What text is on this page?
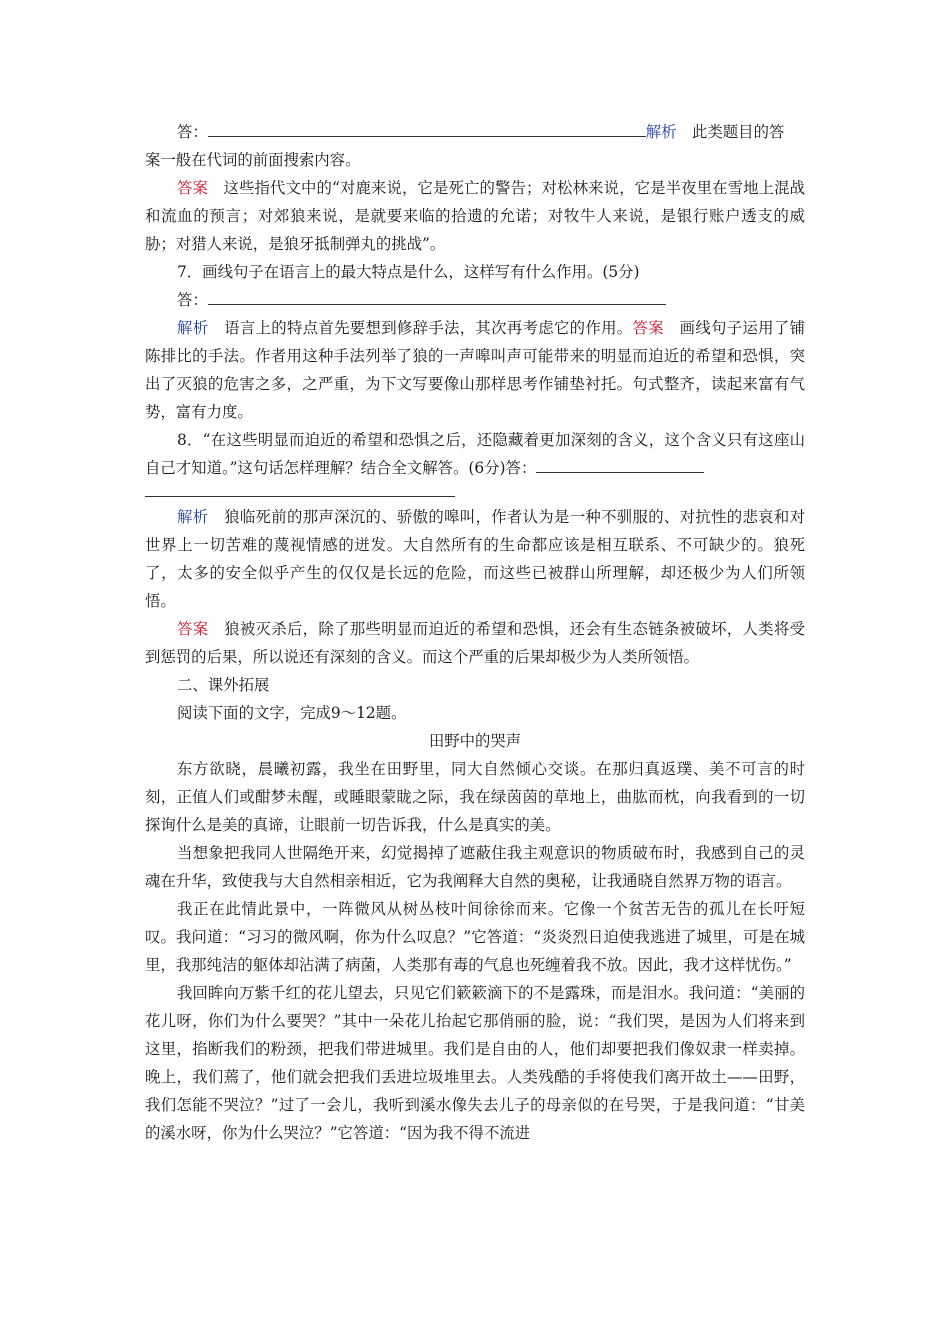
答：	解析　 此类题目的答

案一般在代词的前面搜索内容。

答案　 这些指代文中的“对鹿来说，它是死亡的警告；对松林来说，它是半夜里在雪地上混战和流血的预言；对郊狼来说，是就要来临的拾遗的允诺；对牧牛人来说，是银行账户透支的威胁；对猎人来说，是狼牙抵制弹丸的挑战”。

7．画线句子在语言上的最大特点是什么，这样写有什么作用。(5分)

答：

解析　 语言上的特点首先要想到修辞手法，其次再考虑它的作用。答案　 画线句子运用了铺陈排比的手法。作者用这种手法列举了狼的一声嗥叫声可能带来的明显而迫近的希望和恐惧，突出了灭狼的危害之多，之严重，为下文写要像山那样思考作铺垫衬托。句式整齐，读起来富有气势，富有力度。

8．“在这些明显而迫近的希望和恐惧之后，还隐藏着更加深刻的含义，这个含义只有这座山自己才知道。”这句话怎样理解？结合全文解答。(6分)答：

解析　 狼临死前的那声深沉的、骄傲的嗥叫，作者认为是一种不驯服的、对抗性的悲哀和对世界上一切苦难的蔑视情感的迸发。大自然所有的生命都应该是相互联系、不可缺少的。狼死了，太多的安全似乎产生的仅仅是长远的危险，而这些已被群山所理解，却还极少为人们所领悟。

答案　 狼被灭杀后，除了那些明显而迫近的希望和恐惧，还会有生态链条被破坏，人类将受到惩罚的后果，所以说还有深刻的含义。而这个严重的后果却极少为人类所领悟。

二、课外拓展

阅读下面的文字，完成9～12题。

田野中的哭声

东方欲晓，晨曦初露，我坐在田野里，同大自然倾心交谈。在那归真返璞、美不可言的时刻，正值人们或酣梦未醒，或睡眼蒙眬之际，我在绿茵茵的草地上，曲肱而枕，向我看到的一切探询什么是美的真谛，让眼前一切告诉我，什么是真实的美。

当想象把我同人世隔绝开来，幻觉揭掉了遮蔽住我主观意识的物质破布时，我感到自己的灵魂在升华，致使我与大自然相亲相近，它为我阐释大自然的奥秘，让我通晓自然界万物的语言。

我正在此情此景中，一阵微风从树丛枝叶间徐徐而来。它像一个贫苦无告的孤儿在长吁短叹。我问道：“习习的微风啊，你为什么叹息？”它答道：“炎炎烈日迫使我逃进了城里，可是在城里，我那纯洁的躯体却沾满了病菌，人类那有毒的气息也死缠着我不放。因此，我才这样忧伤。”

我回眸向万紫千红的花儿望去，只见它们簌簌滴下的不是露珠，而是泪水。我问道：“美丽的花儿呀，你们为什么要哭？”其中一朵花儿抬起它那俏丽的脸，说：“我们哭，是因为人们将来到这里，掐断我们的粉颈，把我们带进城里。我们是自由的人，他们却要把我们像奴隶一样卖掉。晚上，我们蔫了，他们就会把我们丢进垃圾堆里去。人类残酷的手将使我们离开故土——田野，我们怎能不哭泣？”过了一会儿，我听到溪水像失去儿子的母亲似的在号哭，于是我问道：“甘美的溪水呀，你为什么哭泣？”它答道：“因为我不得不流进
